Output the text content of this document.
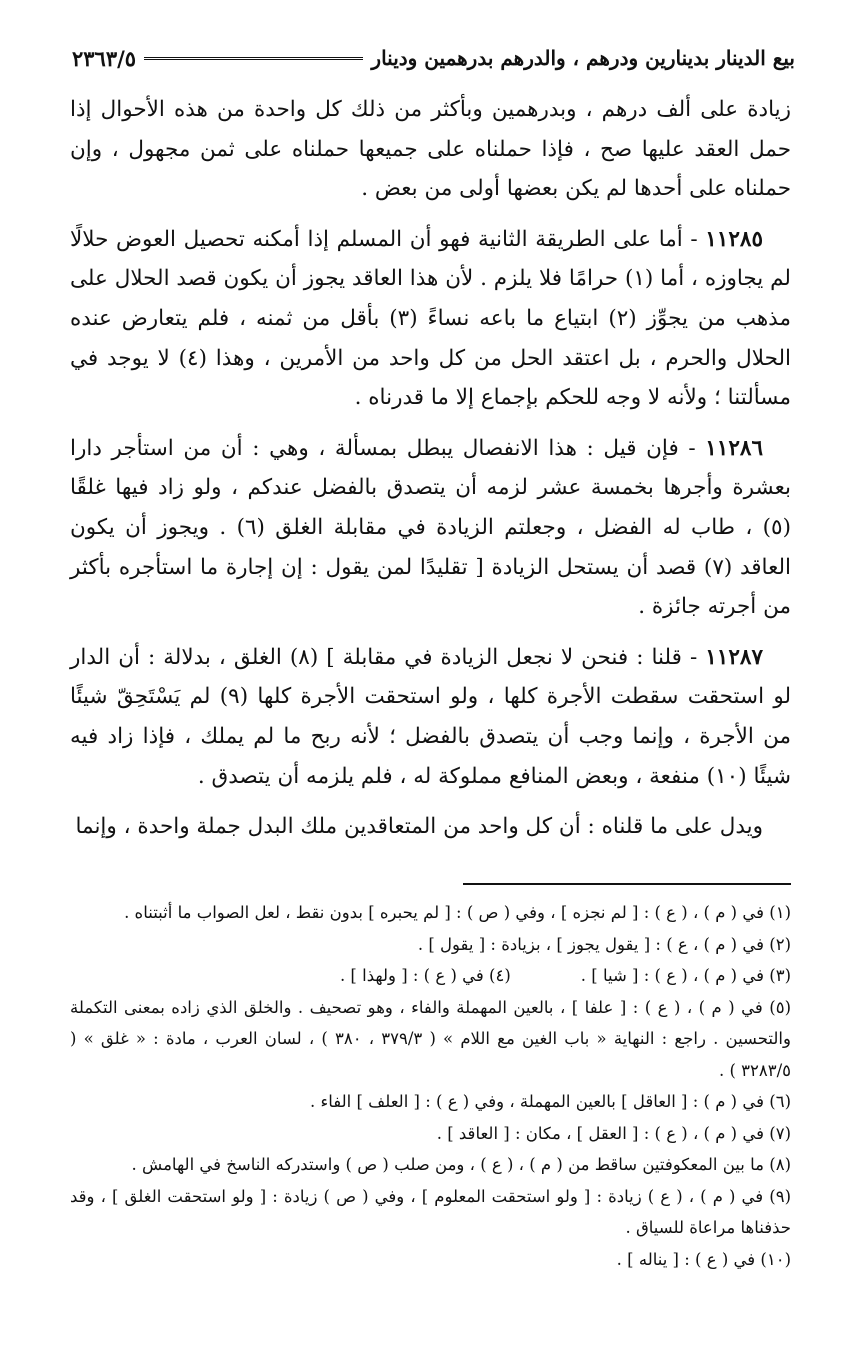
بيع الدينار بدينارين ودرهم ، والدرهم بدرهمين ودينار
٢٣٦٣/٥

زيادة على ألف درهم ، وبدرهمين وبأكثر من ذلك كل واحدة من هذه الأحوال إذا حمل العقد عليها صح ، فإذا حملناه على جميعها حملناه على ثمن مجهول ، وإن حملناه على أحدها لم يكن بعضها أولى من بعض .

١١٢٨٥ - أما على الطريقة الثانية فهو أن المسلم إذا أمكنه تحصيل العوض حلالًا لم يجاوزه ، أما (١) حرامًا فلا يلزم . لأن هذا العاقد يجوز أن يكون قصد الحلال على مذهب من يجوِّز (٢) ابتياع ما باعه نساءً (٣) بأقل من ثمنه ، فلم يتعارض عنده الحلال والحرم ، بل اعتقد الحل من كل واحد من الأمرين ، وهذا (٤) لا يوجد في مسألتنا ؛ ولأنه لا وجه للحكم بإجماع إلا ما قدرناه .

١١٢٨٦ - فإن قيل : هذا الانفصال يبطل بمسألة ، وهي : أن من استأجر دارا بعشرة وأجرها بخمسة عشر لزمه أن يتصدق بالفضل عندكم ، ولو زاد فيها غلقًا (٥) ، طاب له الفضل ، وجعلتم الزيادة في مقابلة الغلق (٦) . ويجوز أن يكون العاقد (٧) قصد أن يستحل الزيادة [ تقليدًا لمن يقول : إن إجارة ما استأجره بأكثر من أجرته جائزة .

١١٢٨٧ - قلنا : فنحن لا نجعل الزيادة في مقابلة ] (٨) الغلق ، بدلالة : أن الدار لو استحقت سقطت الأجرة كلها ، ولو استحقت الأجرة كلها (٩) لم يَسْتَحِقّ شيئًا من الأجرة ، وإنما وجب أن يتصدق بالفضل ؛ لأنه ربح ما لم يملك ، فإذا زاد فيه شيئًا (١٠) منفعة ، وبعض المنافع مملوكة له ، فلم يلزمه أن يتصدق .

ويدل على ما قلناه : أن كل واحد من المتعاقدين ملك البدل جملة واحدة ، وإنما

(١) في ( م ) ، ( ع ) : [ لم نجزه ] ، وفي ( ص ) : [ لم يحبره ] بدون نقط ، لعل الصواب ما أثبتناه .

(٢) في ( م ) ، ع ) : [ يقول يجوز ] ، بزيادة : [ يقول ] .

(٣) في ( م ) ، ( ع ) : [ شيا ] .

(٤) في ( ع ) : [ ولهذا ] .

(٥) في ( م ) ، ( ع ) : [ علفا ] ، بالعين المهملة والفاء ، وهو تصحيف . والخلق الذي زاده بمعنى التكملة والتحسين . راجع : النهاية « باب الغين مع اللام » ( ٣٧٩/٣ ، ٣٨٠ ) ، لسان العرب ، مادة : « غلق » ( ٣٢٨٣/٥ ) .

(٦) في ( م ) : [ العاقل ] بالعين المهملة ، وفي ( ع ) : [ العلف ] الفاء .

(٧) في ( م ) ، ( ع ) : [ العقل ] ، مكان : [ العاقد ] .

(٨) ما بين المعكوفتين ساقط من ( م ) ، ( ع ) ، ومن صلب ( ص ) واستدركه الناسخ في الهامش .

(٩) في ( م ) ، ( ع ) زيادة : [ ولو استحقت المعلوم ] ، وفي ( ص ) زيادة : [ ولو استحقت الغلق ] ، وقد حذفناها مراعاة للسياق .

(١٠) في ( ع ) : [ يناله ] .
